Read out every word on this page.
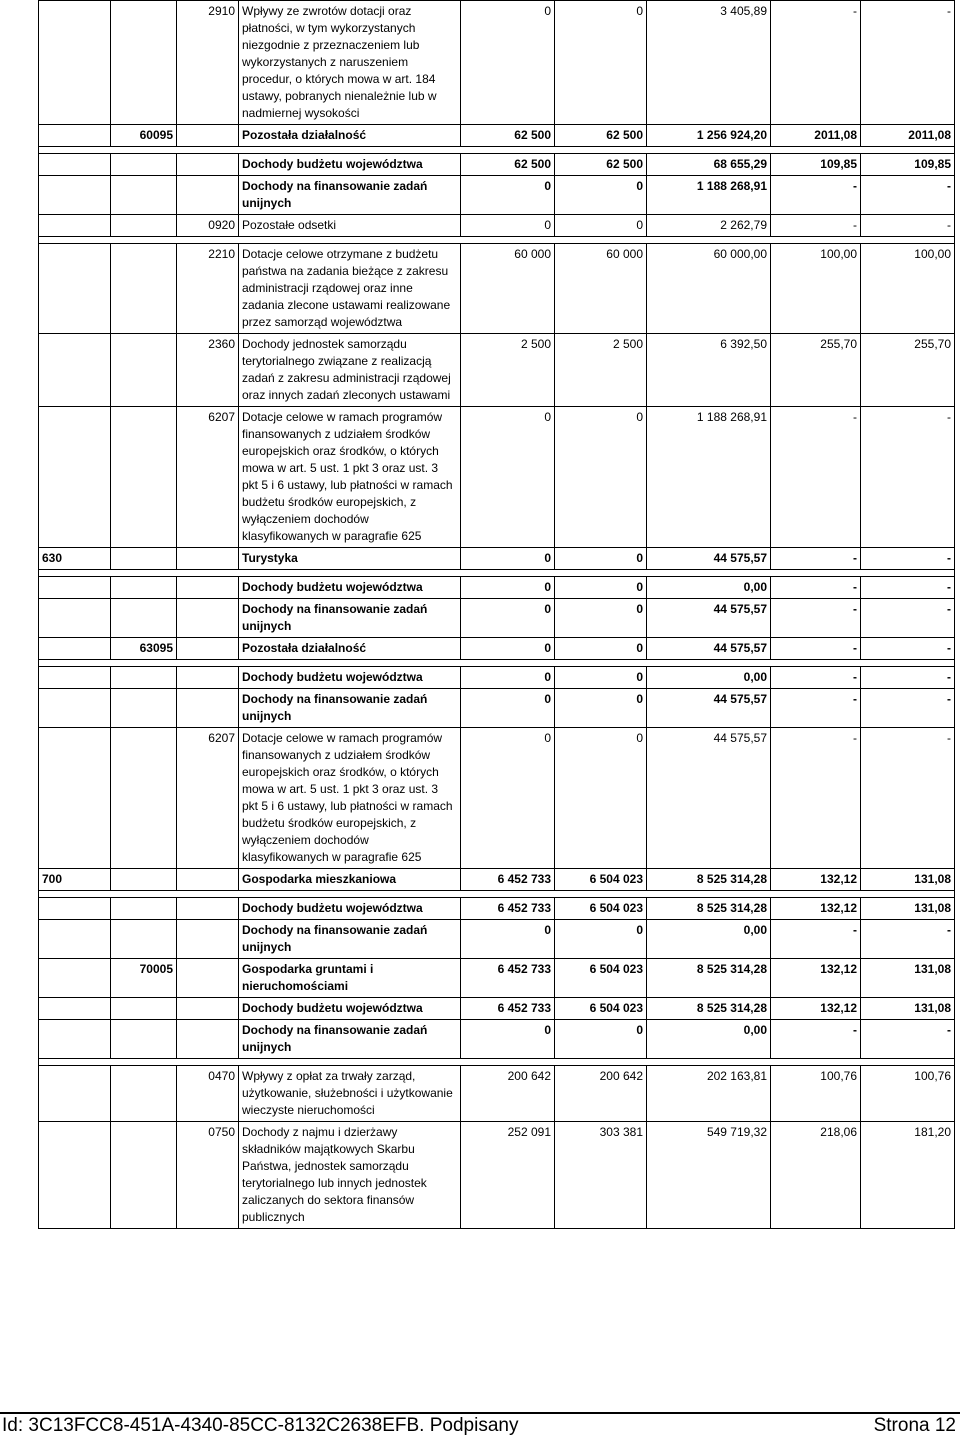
		2910	Wpływy ze zwrotów dotacji oraz płatności, w tym wykorzystanych niezgodnie z przeznaczeniem lub wykorzystanych z naruszeniem procedur, o których mowa w art. 184 ustawy, pobranych nienależnie lub w nadmiernej wysokości	0	0	3 405,89	-	-
	60095		Pozostała działalność	62 500	62 500	1 256 924,20	2011,08	2011,08

			Dochody budżetu województwa	62 500	62 500	68 655,29	109,85	109,85
			Dochody na finansowanie zadań unijnych	0	0	1 188 268,91	-	-
		0920	Pozostałe odsetki	0	0	2 262,79	-	-

		2210	Dotacje celowe otrzymane z budżetu państwa na zadania bieżące z zakresu administracji rządowej oraz inne zadania zlecone ustawami realizowane przez samorząd województwa	60 000	60 000	60 000,00	100,00	100,00
		2360	Dochody jednostek samorządu terytorialnego związane z realizacją zadań z zakresu administracji rządowej oraz innych zadań zleconych ustawami	2 500	2 500	6 392,50	255,70	255,70
		6207	Dotacje celowe w ramach programów finansowanych z udziałem środków europejskich oraz środków, o których mowa w art. 5 ust. 1 pkt 3 oraz ust. 3 pkt 5 i 6 ustawy, lub płatności w ramach budżetu środków europejskich, z wyłączeniem dochodów klasyfikowanych w paragrafie 625	0	0	1 188 268,91	-	-
630			Turystyka	0	0	44 575,57	-	-

			Dochody budżetu województwa	0	0	0,00	-	-
			Dochody na finansowanie zadań unijnych	0	0	44 575,57	-	-
	63095		Pozostała działalność	0	0	44 575,57	-	-

			Dochody budżetu województwa	0	0	0,00	-	-
			Dochody na finansowanie zadań unijnych	0	0	44 575,57	-	-
		6207	Dotacje celowe w ramach programów finansowanych z udziałem środków europejskich oraz środków, o których mowa w art. 5 ust. 1 pkt 3 oraz ust. 3 pkt 5 i 6 ustawy, lub płatności w ramach budżetu środków europejskich, z wyłączeniem dochodów klasyfikowanych w paragrafie 625	0	0	44 575,57	-	-
700			Gospodarka mieszkaniowa	6 452 733	6 504 023	8 525 314,28	132,12	131,08

			Dochody budżetu województwa	6 452 733	6 504 023	8 525 314,28	132,12	131,08
			Dochody na finansowanie zadań unijnych	0	0	0,00	-	-
	70005		Gospodarka gruntami i nieruchomościami	6 452 733	6 504 023	8 525 314,28	132,12	131,08
			Dochody budżetu województwa	6 452 733	6 504 023	8 525 314,28	132,12	131,08
			Dochody na finansowanie zadań unijnych	0	0	0,00	-	-

		0470	Wpływy z opłat za trwały zarząd, użytkowanie, służebności i użytkowanie wieczyste nieruchomości	200 642	200 642	202 163,81	100,76	100,76
		0750	Dochody z najmu i dzierżawy składników majątkowych Skarbu Państwa, jednostek samorządu terytorialnego lub innych jednostek zaliczanych do sektora finansów publicznych	252 091	303 381	549 719,32	218,06	181,20
Id: 3C13FCC8-451A-4340-85CC-8132C2638EFB. Podpisany	Strona 12
